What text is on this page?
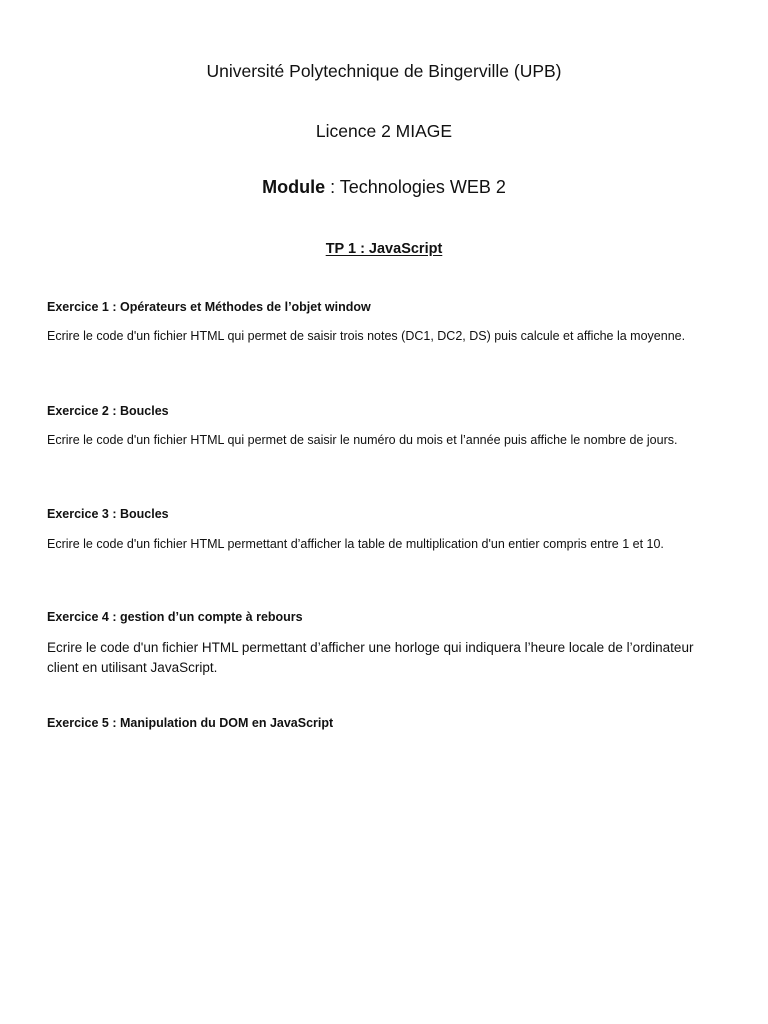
Université Polytechnique de Bingerville (UPB)
Licence 2 MIAGE
Module : Technologies WEB 2
TP 1 : JavaScript
Exercice 1 : Opérateurs et Méthodes de l’objet window
Ecrire le code d'un fichier HTML qui permet de saisir trois notes (DC1, DC2, DS) puis calcule et affiche la moyenne.
Exercice 2 : Boucles
Ecrire le code d'un fichier HTML qui permet de saisir le numéro du mois et l’année puis affiche le nombre de jours.
Exercice 3 : Boucles
Ecrire le code d'un fichier HTML permettant d’afficher la table de multiplication d'un entier compris entre 1 et 10.
Exercice 4 : gestion d’un compte à rebours
Ecrire le code d'un fichier HTML permettant d’afficher une horloge qui indiquera l’heure locale de l’ordinateur client en utilisant JavaScript.
Exercice 5 : Manipulation du DOM en JavaScript
